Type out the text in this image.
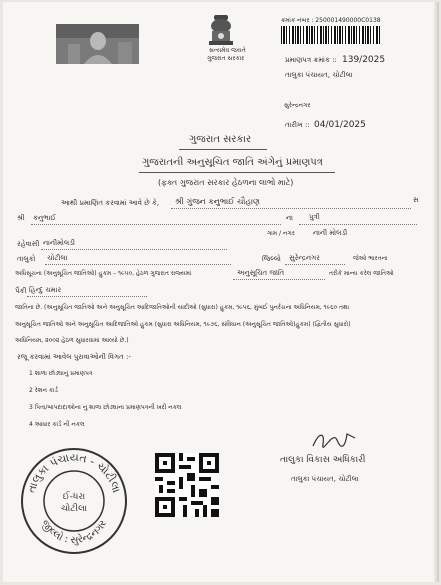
સત્યમેવ જયતે
ગુજરાત સરકાર
ક્રમાંક નંબર : 250001490000C0138
પ્રમાણપત્ર ક્રમાંક :: 139/2025
તાલુકા પંચાયત, ચોટીલા
સુરેન્દ્રનગર
તારીખ :: 04/01/2025
ગુજરાત સરકાર
ગુજરાતની અનુસૂચિત જાતિ અંગેનું પ્રમાણપત્ર
(ફક્ત ગુજરાત સરકાર હેઠળના લાભો માટે)
આથી પ્રમાણિત કરવામાં આવે છે કે, શ્રી ગુંજન કનુભાઈ ચૌહાણ	સ
શ્રી કનુભાઈ	ના પુત્રી
રહેવાસી નાનીમોલડી
ગામ / નગર	નાની મોલડી
તાલુકો ચોટીલા	જિલ્લો સુરેન્દ્રનગર	જેઓ ભારતના
અધિસૂચના (અનુસૂચિત જાતિઓ) હુકમ – ૧૯૫૦, હેઠળ ગુજરાત રાજ્યમાં	અનુસૂચિત જાતિ	તરીકે માન્ય કરેલ જાતિઓ
પૈકી હિન્દુ ચમાર
જાતિના છે. (અનુસૂચિત જાતિઓ અને અનુસૂચિત આદિજાતિઓની યાદીઓ (સુધારા) હુકમ, ૧૯૫૬, મુંબઈ પુનર્રચના અધિનિયમ, ૧૯૬૦ તથા
અનુસૂચિત જાતિઓ અને અનુસૂચિત આદિજાતિઓ હુકમ (સુધારા અધિનિયમ, ૧૯૭૬, સંવિધાન (અનુસૂચિત જાતિઓ)હુકમ) (દ્વિતીય સુધારો)
અધિનિયમ, ૨૦૦૨ હેઠળ સુધારવામાં આવ્યો છે.)
રજૂ કરવામાં આવેલ પુરાવાઓની વિગત :-
1 શાળા છોડ્યાનું પ્રમાણપત્ર
2 રેશન કાર્ડ
3 પિતા/બાપદાદાઓના નું શાળા છોડ્યાના પ્રમાણપત્રની ખરી નકલ
4 આધાર કાર્ડ ની નકલ
તાલુકા વિકાસ અધિકારી
તાલુકા પંચાયત, ચોટીલા
તાલુકા પંચાયત - ચોટીલા
જીલ્લો : સુરેન્દ્રનગર
ઈ-ધરા
ચોટીલા
